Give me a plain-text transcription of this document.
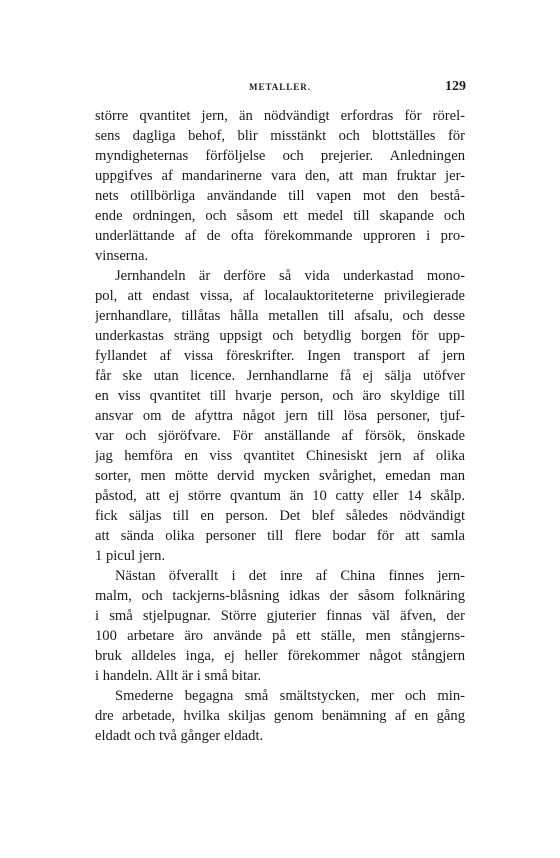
METALLER.	129
större qvantitet jern, än nödvändigt erfordras för rörel-
sens dagliga behof, blir misstänkt och blottställes för
myndigheternas förföljelse och prejerier. Anledningen
uppgifves af mandarinerne vara den, att man fruktar jer-
nets otillbörliga användande till vapen mot den bestå-
ende ordningen, och såsom ett medel till skapande och
underlättande af de ofta förekommande upproren i pro-
vinserna.
Jernhandeln är derföre så vida underkastad mono-
pol, att endast vissa, af localauktoriteterne privilegierade
jernhandlare, tillåtas hålla metallen till afsalu, och desse
underkastas sträng uppsigt och betydlig borgen för upp-
fyllandet af vissa föreskrifter. Ingen transport af jern
får ske utan licence. Jernhandlarne få ej sälja utöfver
en viss qvantitet till hvarje person, och äro skyldige till
ansvar om de afyttra något jern till lösa personer, tjuf-
var och sjöröfvare. För anställande af försök, önskade
jag hemföra en viss qvantitet Chinesiskt jern af olika
sorter, men mötte dervid mycken svårighet, emedan man
påstod, att ej större qvantum än 10 catty eller 14 skålp.
fick säljas till en person. Det blef således nödvändigt
att sända olika personer till flere bodar för att samla
1 picul jern.
Nästan öfverallt i det inre af China finnes jern-
malm, och tackjerns-blåsning idkas der såsom folknäring
i små stjelpugnar. Större gjuterier finnas väl äfven, der
100 arbetare äro använde på ett ställe, men stångjerns-
bruk alldeles inga, ej heller förekommer något stångjern
i handeln. Allt är i små bitar.
Smederne begagna små smältstycken, mer och min-
dre arbetade, hvilka skiljas genom benämning af en gång
eldadt och två gånger eldadt.
